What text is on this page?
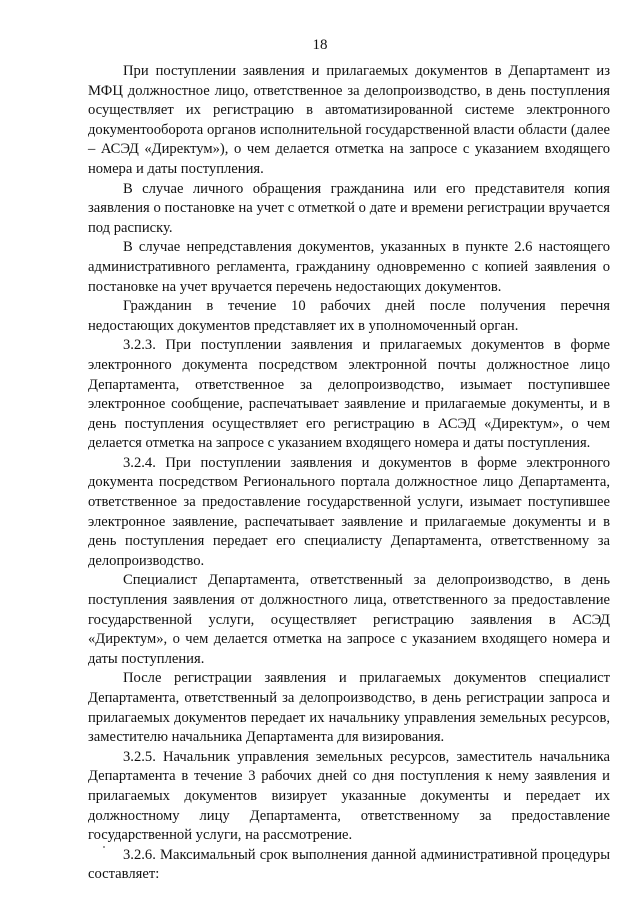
18

При поступлении заявления и прилагаемых документов в Департамент из МФЦ должностное лицо, ответственное за делопроизводство, в день поступления осуществляет их регистрацию в автоматизированной системе электронного документооборота органов исполнительной государственной власти области (далее – АСЭД «Директум»), о чем делается отметка на запросе с указанием входящего номера и даты поступления.

В случае личного обращения гражданина или его представителя копия заявления о постановке на учет с отметкой о дате и времени регистрации вручается под расписку.

В случае непредставления документов, указанных в пункте 2.6 настоящего административного регламента, гражданину одновременно с копией заявления о постановке на учет вручается перечень недостающих документов.

Гражданин в течение 10 рабочих дней после получения перечня недостающих документов представляет их в уполномоченный орган.

3.2.3. При поступлении заявления и прилагаемых документов в форме электронного документа посредством электронной почты должностное лицо Департамента, ответственное за делопроизводство, изымает поступившее электронное сообщение, распечатывает заявление и прилагаемые документы, и в день поступления осуществляет его регистрацию в АСЭД «Директум», о чем делается отметка на запросе с указанием входящего номера и даты поступления.

3.2.4. При поступлении заявления и документов в форме электронного документа посредством Регионального портала должностное лицо Департамента, ответственное за предоставление государственной услуги, изымает поступившее электронное заявление, распечатывает заявление и прилагаемые документы и в день поступления передает его специалисту Департамента, ответственному за делопроизводство.

Специалист Департамента, ответственный за делопроизводство, в день поступления заявления от должностного лица, ответственного за предоставление государственной услуги, осуществляет регистрацию заявления в АСЭД «Директум», о чем делается отметка на запросе с указанием входящего номера и даты поступления.

После регистрации заявления и прилагаемых документов специалист Департамента, ответственный за делопроизводство, в день регистрации запроса и прилагаемых документов передает их начальнику управления земельных ресурсов, заместителю начальника Департамента для визирования.

3.2.5. Начальник управления земельных ресурсов, заместитель начальника Департамента в течение 3 рабочих дней со дня поступления к нему заявления и прилагаемых документов визирует указанные документы и передает их должностному лицу Департамента, ответственному за предоставление государственной услуги, на рассмотрение.

3.2.6. Максимальный срок выполнения данной административной процедуры составляет:
